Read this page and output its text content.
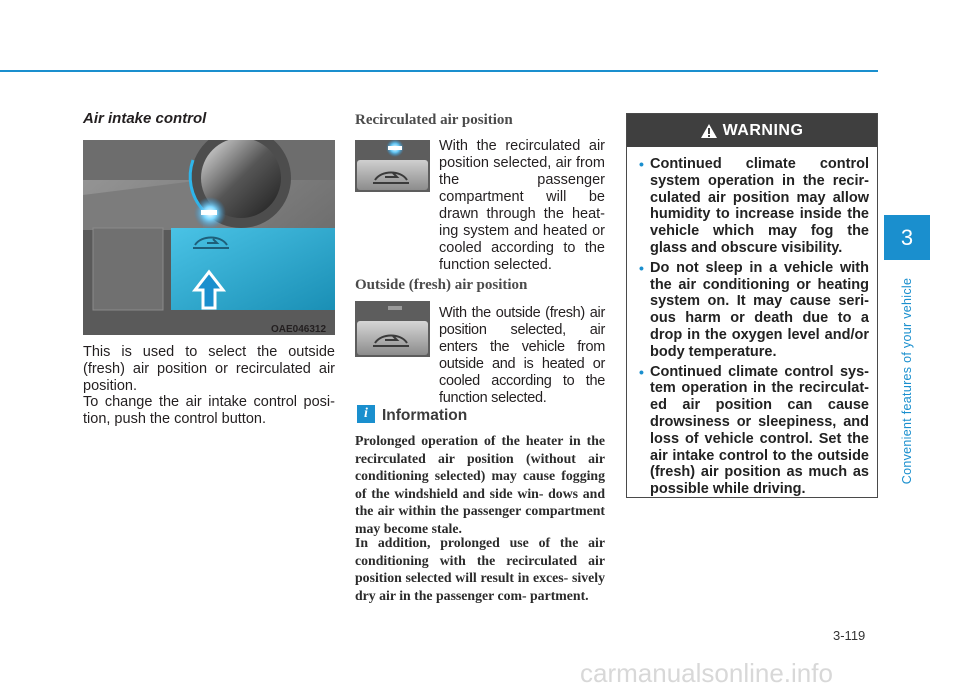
Air intake control
OAE046312
This is used to select the outside (fresh) air position or recirculated air position.
To change the air intake control posi- tion, push the control button.
Recirculated air position
With the recirculated air position selected, air from the passenger compartment will be drawn through the heat- ing system and heated or cooled according to the function selected.
Outside (fresh) air position
With the outside (fresh) air position selected, air enters the vehicle from outside and is heated or cooled according to the function selected.
i Information
Prolonged operation of the heater in the recirculated air position (without air conditioning selected) may cause fogging of the windshield and side win- dows and the air within the passenger compartment may become stale.
In addition, prolonged use of the air conditioning with the recirculated air position selected will result in exces- sively dry air in the passenger com- partment.
WARNING
• Continued climate control system operation in the recir- culated air position may allow humidity to increase inside the vehicle which may fog the glass and obscure visibility.
• Do not sleep in a vehicle with the air conditioning or heating system on. It may cause seri- ous harm or death due to a drop in the oxygen level and/or body temperature.
• Continued climate control sys- tem operation in the recirculat- ed air position can cause drowsiness or sleepiness, and loss of vehicle control. Set the air intake control to the outside (fresh) air position as much as possible while driving.
3
Convenient features of your vehicle
3-119
carmanualsonline.info
